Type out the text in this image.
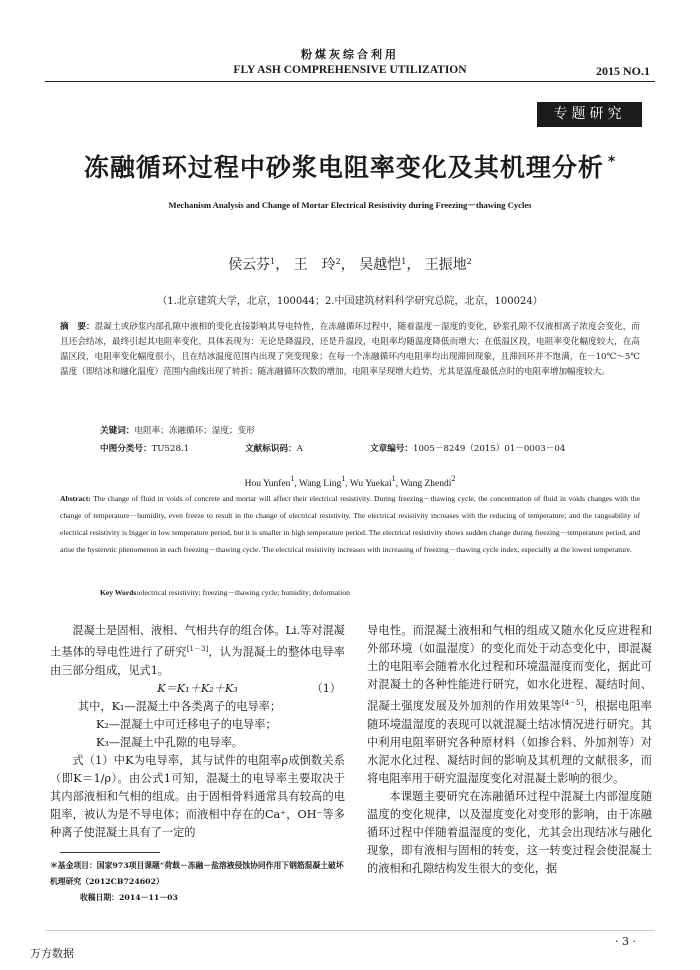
粉煤灰综合利用
FLY ASH COMPREHENSIVE UTILIZATION	2015 NO.1
专题研究
冻融循环过程中砂浆电阻率变化及其机理分析 *
Mechanism Analysis and Change of Mortar Electrical Resistivity during Freezing－thawing Cycles
侯云芬$^1$， 王　玲$^2$， 吴越恺$^1$， 王振地$^2$
（1.北京建筑大学，北京，100044；2.中国建筑材料科学研究总院，北京，100024）
摘　要：混凝土或砂浆内部孔隙中液相的变化直接影响其导电特性，在冻融循环过程中，随着温度－湿度的变化，砂浆孔隙不仅液相离子浓度会变化，而且还会结冰，最终引起其电阻率变化，具体表现为：无论是降温段，还是升温段，电阻率均随温度降低而增大；在低温区段，电阻率变化幅度较大，在高温区段，电阻率变化幅度很小，且在结冰温度范围内出现了突变现象；在每一个冻融循环内电阻率均出现滞回现象，且滞回环并不饱满，在－10℃～5℃温度（即结冰和融化温度）范围内曲线出现了转折；随冻融循环次数的增加，电阻率呈现增大趋势，尤其是温度最低点时的电阻率增加幅度较大。
关键词：电阻率；冻融循环；湿度；变形
中图分类号：TU528.1	文献标识码：A	文章编号：1005－8249（2015）01－0003－04
Hou Yunfen$^1$, Wang Ling$^1$, Wu Yuekai$^1$, Wang Zhendi$^2$
Abstract: The change of fluid in voids of concrete and mortar will affect their electrical resistivity. During freezing－thawing cycle, the concentration of fluid in voids changes with the change of temperature－humidity, even freeze to result in the change of electrical resistivity. The electrical resistivity increases with the reducing of temperature; and the rangeability of electrical resistivity is bigger in low temperature period, but it is smaller in high temperature period. The electrical resistivity shows sudden change during freezing－temperature period, and arise the hysteretic phenomenon in each freezing－thawing cycle. The electrical resistivity increases with increasing of freezing－thawing cycle index, especially at the lowest temperature.
Key Words:electrical resistivity; freezing－thawing cycle; humidity; deformation

混凝土是固相、液相、气相共存的组合体。Li.等对混凝土基体的导电性进行了研究[1－3]，认为混凝土的整体电导率由三部分组成，见式1。

K＝K₁＋K₂＋K₃	（1）

其中，K₁—混凝土中各类离子的电导率；

K₂—混凝土中可迁移电子的电导率；

K₃—混凝土中孔隙的电导率。

式（1）中K为电导率，其与试件的电阻率ρ成倒数关系（即K＝1/ρ）。由公式1可知，混凝土的电导率主要取决于其内部液相和气相的组成。由于固相骨料通常具有较高的电阻率，被认为是不导电体；而液相中存在的Ca⁺，OH⁻等多种离子使混凝土具有了一定的

导电性。而混凝土液相和气相的组成又随水化反应进程和外部环境（如温湿度）的变化而处于动态变化中，即混凝土的电阻率会随着水化过程和环境温湿度而变化，据此可对混凝土的各种性能进行研究，如水化进程、凝结时间、混凝土强度发展及外加剂的作用效果等[4－5]，根据电阻率随环境温湿度的表现可以就混凝土结冰情况进行研究。其中利用电阻率研究各种原材料（如掺合料、外加剂等）对水泥水化过程、凝结时间的影响及其机理的文献很多，而将电阻率用于研究温湿度变化对混凝土影响的很少。

本课题主要研究在冻融循环过程中混凝土内部湿度随温度的变化规律，以及湿度变化对变形的影响，由于冻融循环过程中伴随着温湿度的变化，尤其会出现结冰与融化现象，即有液相与固相的转变，这一转变过程会使混凝土的液相和孔隙结构发生很大的变化，据

＊基金项目：国家973项目课题“荷载－冻融－盐溶液侵蚀协同作用下钢筋混凝土破坏机理研究（2012CB724602）
收稿日期：2014－11－03
· 3 ·
万方数据
